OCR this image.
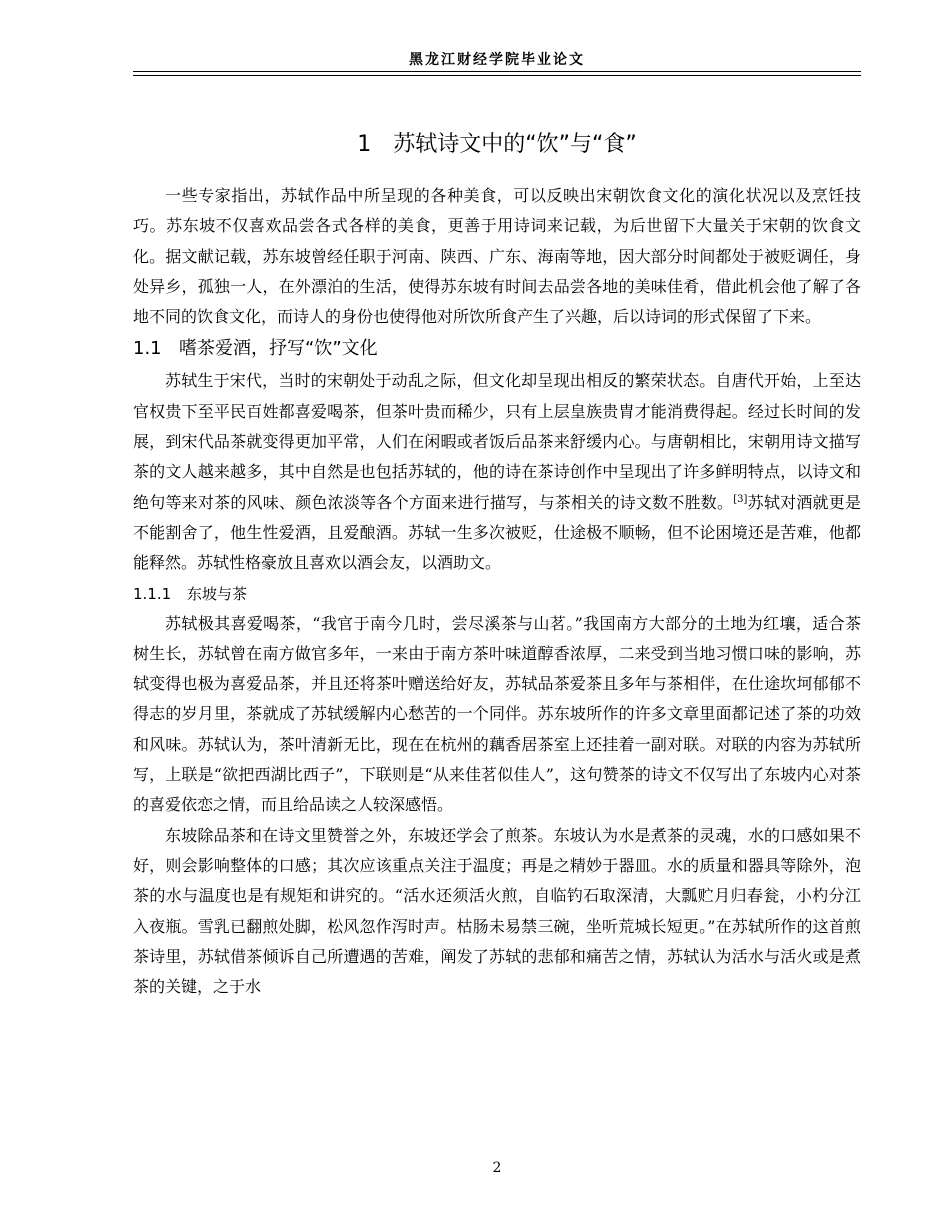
黑龙江财经学院毕业论文
1 苏轼诗文中的“饮”与“食”

一些专家指出，苏轼作品中所呈现的各种美食，可以反映出宋朝饮食文化的演化状况以及烹饪技巧。苏东坡不仅喜欢品尝各式各样的美食，更善于用诗词来记载，为后世留下大量关于宋朝的饮食文化。据文献记载，苏东坡曾经任职于河南、陕西、广东、海南等地，因大部分时间都处于被贬调任，身处异乡，孤独一人，在外漂泊的生活，使得苏东坡有时间去品尝各地的美味佳肴，借此机会他了解了各地不同的饮食文化，而诗人的身份也使得他对所饮所食产生了兴趣，后以诗词的形式保留了下来。

1.1 嗜茶爱酒，抒写“饮”文化

苏轼生于宋代，当时的宋朝处于动乱之际，但文化却呈现出相反的繁荣状态。自唐代开始，上至达官权贵下至平民百姓都喜爱喝茶，但茶叶贵而稀少，只有上层皇族贵胄才能消费得起。经过长时间的发展，到宋代品茶就变得更加平常，人们在闲暇或者饭后品茶来舒缓内心。与唐朝相比，宋朝用诗文描写茶的文人越来越多，其中自然是也包括苏轼的，他的诗在茶诗创作中呈现出了许多鲜明特点，以诗文和绝句等来对茶的风味、颜色浓淡等各个方面来进行描写，与茶相关的诗文数不胜数。[3]苏轼对酒就更是不能割舍了，他生性爱酒，且爱酿酒。苏轼一生多次被贬，仕途极不顺畅，但不论困境还是苦难，他都能释然。苏轼性格豪放且喜欢以酒会友，以酒助文。

1.1.1 东坡与茶

苏轼极其喜爱喝茶，“我官于南今几时，尝尽溪茶与山茗。”我国南方大部分的土地为红壤，适合茶树生长，苏轼曾在南方做官多年，一来由于南方茶叶味道醇香浓厚，二来受到当地习惯口味的影响，苏轼变得也极为喜爱品茶，并且还将茶叶赠送给好友，苏轼品茶爱茶且多年与茶相伴，在仕途坎坷郁郁不得志的岁月里，茶就成了苏轼缓解内心愁苦的一个同伴。苏东坡所作的许多文章里面都记述了茶的功效和风味。苏轼认为，茶叶清新无比，现在在杭州的藕香居茶室上还挂着一副对联。对联的内容为苏轼所写，上联是“欲把西湖比西子”，下联则是“从来佳茗似佳人”，这句赞茶的诗文不仅写出了东坡内心对茶的喜爱依恋之情，而且给品读之人较深感悟。

东坡除品茶和在诗文里赞誉之外，东坡还学会了煎茶。东坡认为水是煮茶的灵魂，水的口感如果不好，则会影响整体的口感；其次应该重点关注于温度；再是之精妙于器皿。水的质量和器具等除外，泡茶的水与温度也是有规矩和讲究的。“活水还须活火煎，自临钓石取深清，大瓢贮月归春瓮，小杓分江入夜瓶。雪乳已翻煎处脚，松风忽作泻时声。枯肠未易禁三碗，坐听荒城长短更。”在苏轼所作的这首煎茶诗里，苏轼借茶倾诉自己所遭遇的苦难，阐发了苏轼的悲郁和痛苦之情，苏轼认为活水与活火或是煮茶的关键，之于水

2
